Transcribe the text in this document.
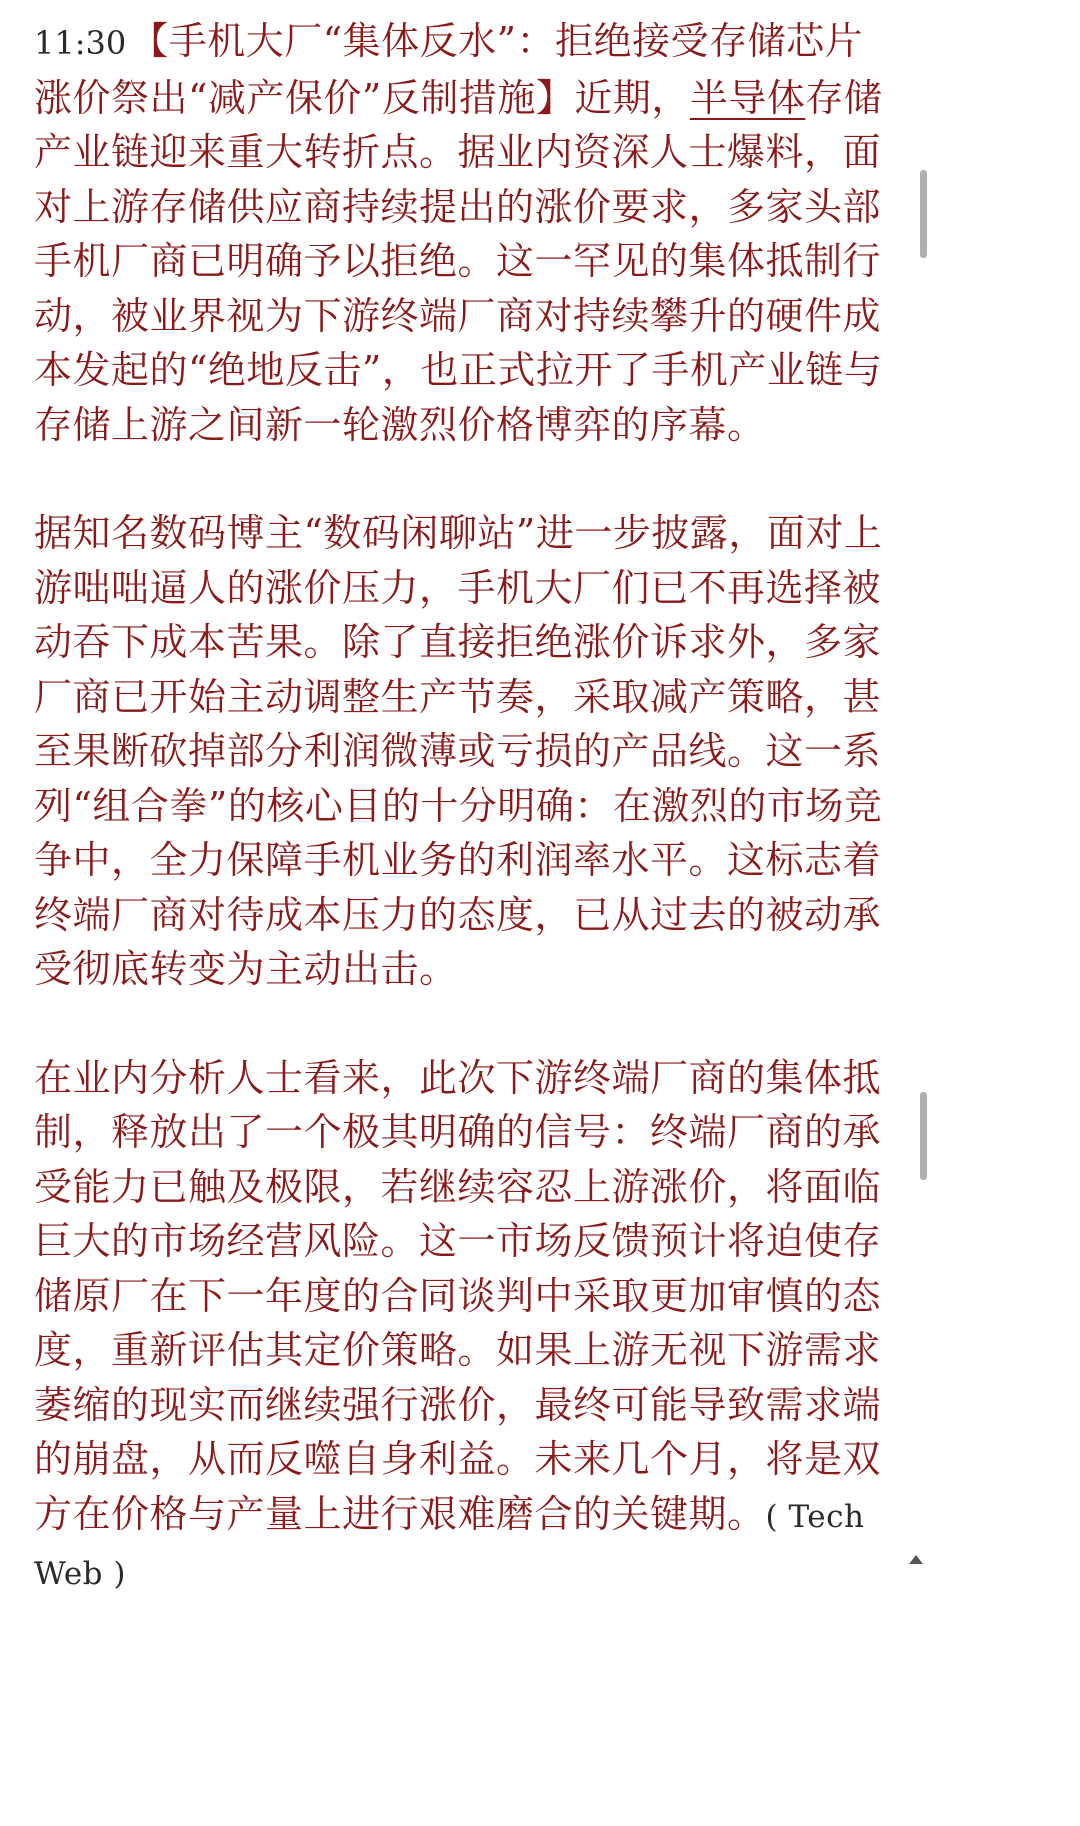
11:30 【手机大厂“集体反水”：拒绝接受存储芯片涨价祭出“减产保价”反制措施】近期，半导体存储产业链迎来重大转折点。据业内资深人士爆料，面对上游存储供应商持续提出的涨价要求，多家头部手机厂商已明确予以拒绝。这一罕见的集体抵制行动，被业界视为下游终端厂商对持续攀升的硬件成本发起的“绝地反击”，也正式拉开了手机产业链与存储上游之间新一轮激烈价格博弈的序幕。

据知名数码博主“数码闲聊站”进一步披露，面对上游咄咄逼人的涨价压力，手机大厂们已不再选择被动吞下成本苦果。除了直接拒绝涨价诉求外，多家厂商已开始主动调整生产节奏，采取减产策略，甚至果断砍掉部分利润微薄或亏损的产品线。这一系列“组合拳”的核心目的十分明确：在激烈的市场竞争中，全力保障手机业务的利润率水平。这标志着终端厂商对待成本压力的态度，已从过去的被动承受彻底转变为主动出击。

在业内分析人士看来，此次下游终端厂商的集体抵制，释放出了一个极其明确的信号：终端厂商的承受能力已触及极限，若继续容忍上游涨价，将面临巨大的市场经营风险。这一市场反馈预计将迫使存储原厂在下一年度的合同谈判中采取更加审慎的态度，重新评估其定价策略。如果上游无视下游需求萎缩的现实而继续强行涨价，最终可能导致需求端的崩盘，从而反噬自身利益。未来几个月，将是双方在价格与产量上进行艰难磨合的关键期。( TechWeb )
